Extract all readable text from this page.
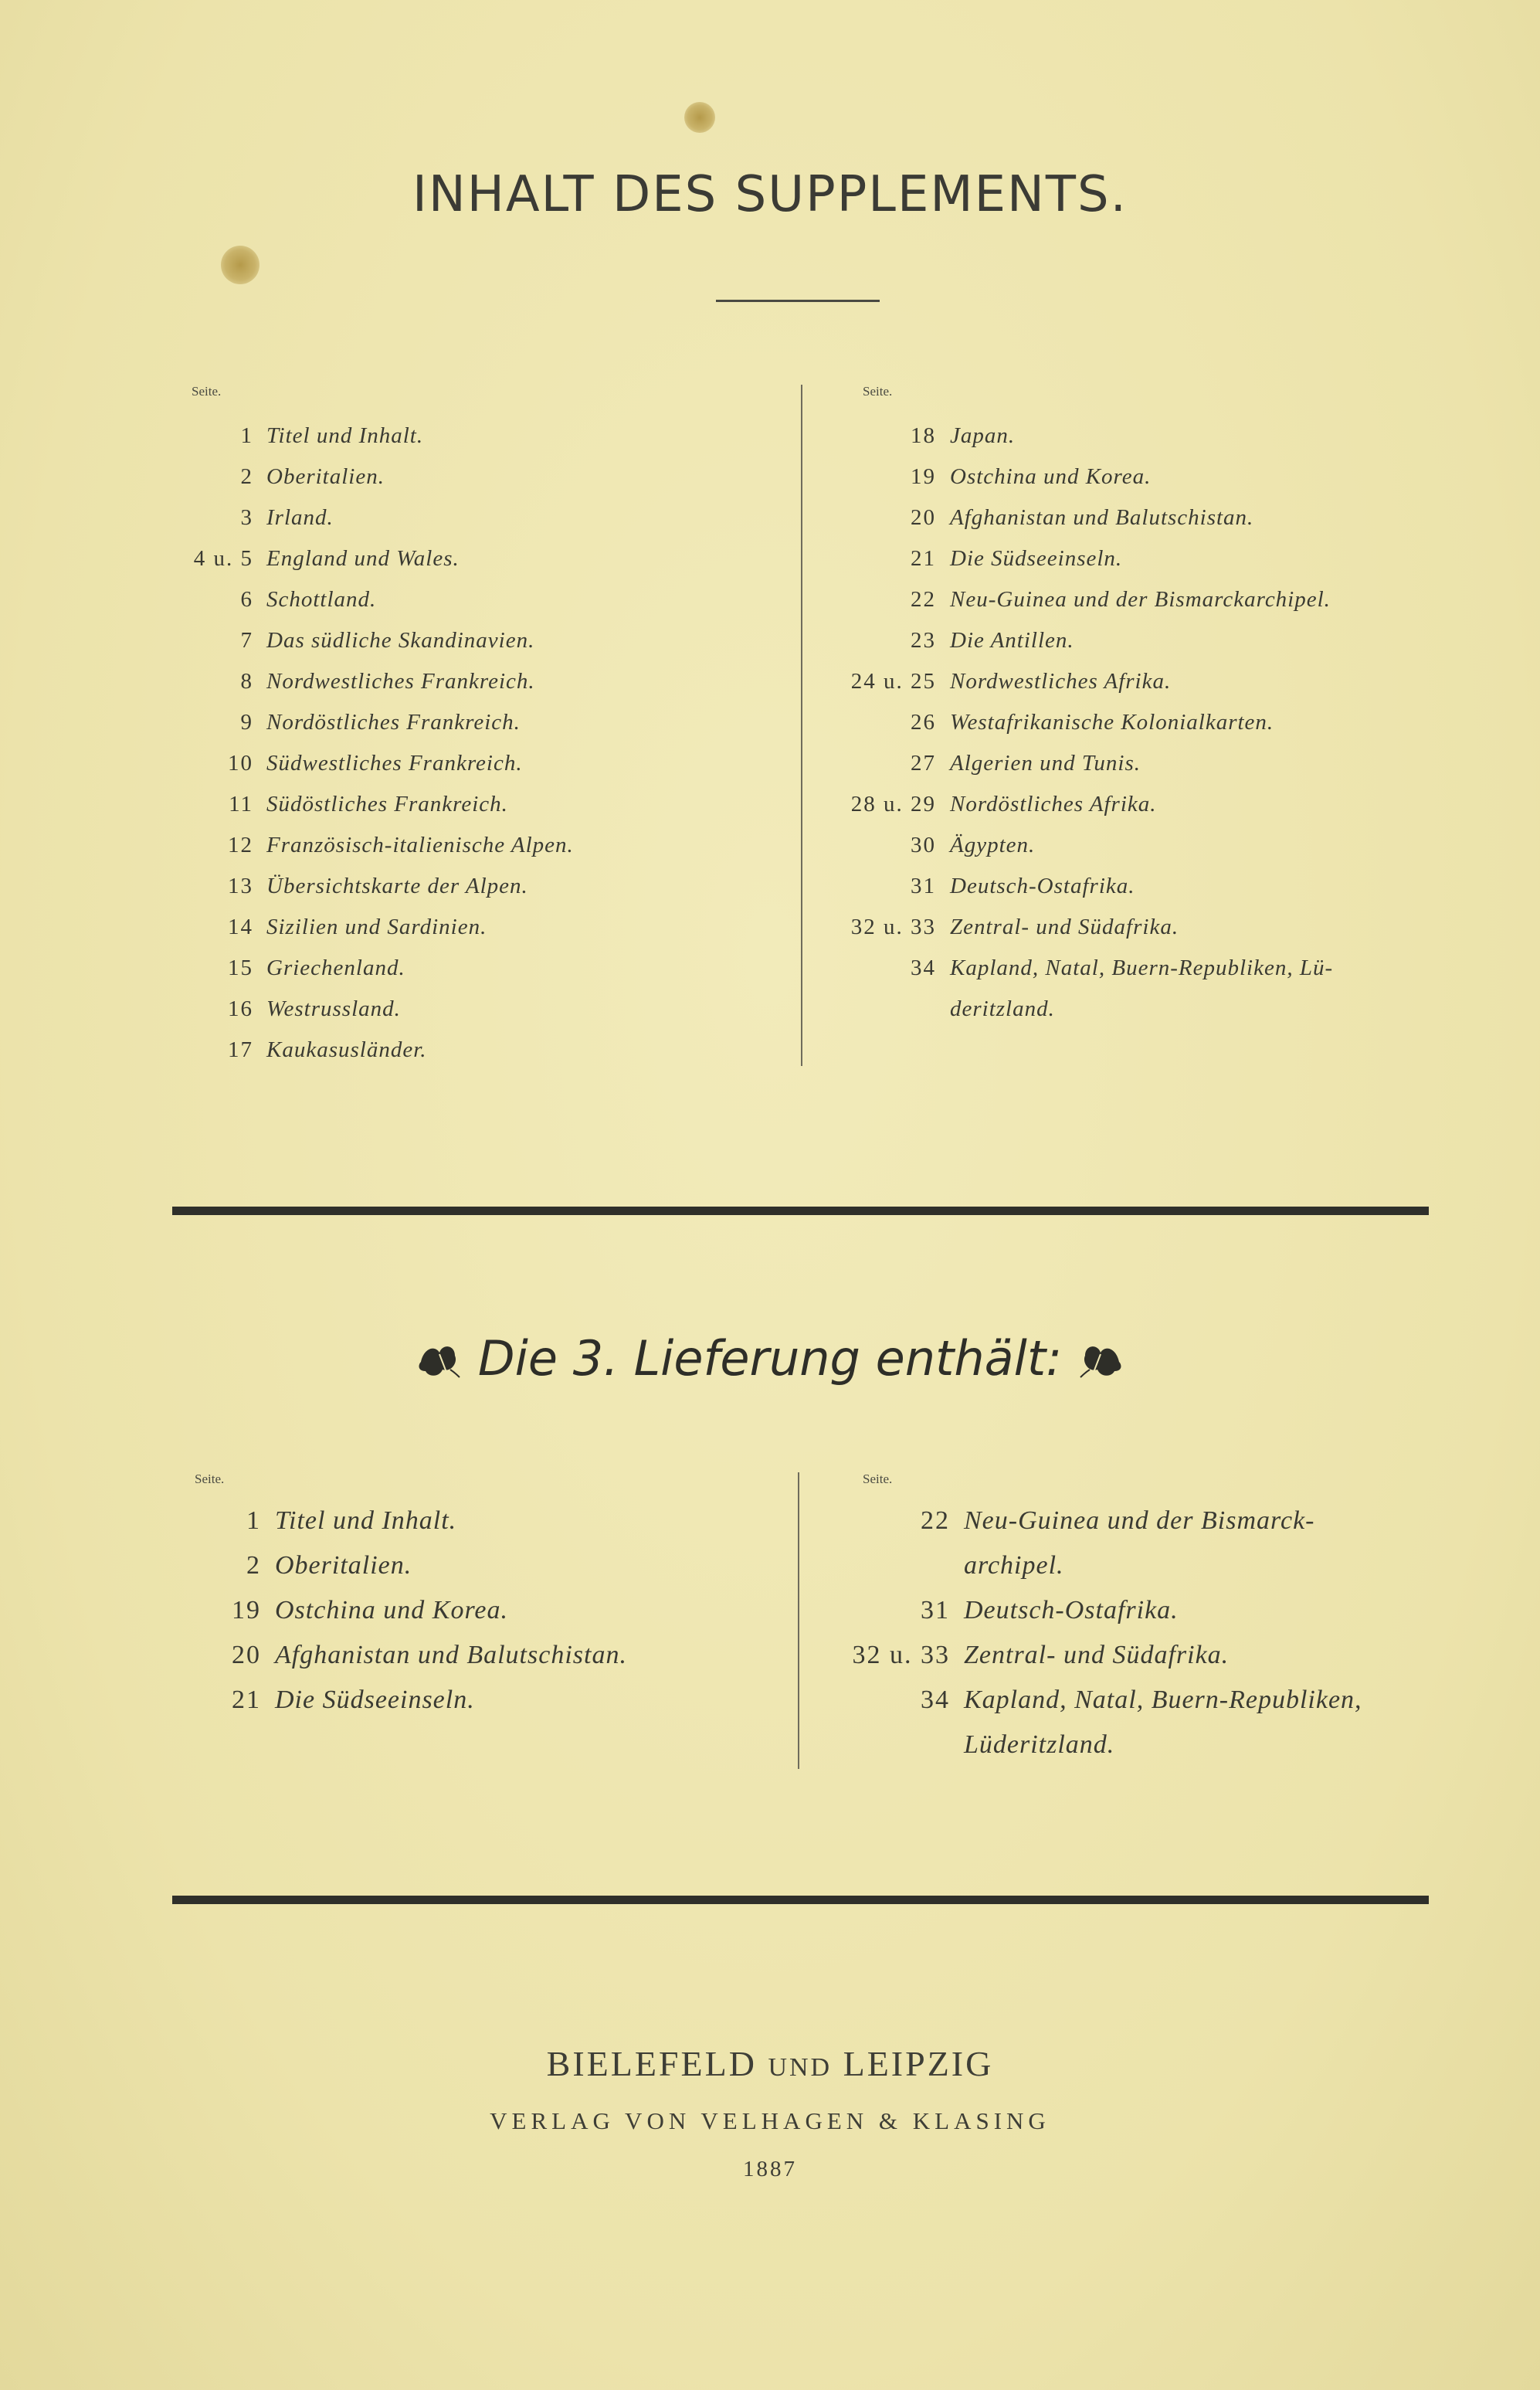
INHALT DES SUPPLEMENTS.
Seite.
1 Titel und Inhalt.
2 Oberitalien.
3 Irland.
4 u. 5 England und Wales.
6 Schottland.
7 Das südliche Skandinavien.
8 Nordwestliches Frankreich.
9 Nordöstliches Frankreich.
10 Südwestliches Frankreich.
11 Südöstliches Frankreich.
12 Französisch-italienische Alpen.
13 Übersichtskarte der Alpen.
14 Sizilien und Sardinien.
15 Griechenland.
16 Westrussland.
17 Kaukasusländer.
Seite.
18 Japan.
19 Ostchina und Korea.
20 Afghanistan und Balutschistan.
21 Die Südseeinseln.
22 Neu-Guinea und der Bismarckarchipel.
23 Die Antillen.
24 u. 25 Nordwestliches Afrika.
26 Westafrikanische Kolonialkarten.
27 Algerien und Tunis.
28 u. 29 Nordöstliches Afrika.
30 Ägypten.
31 Deutsch-Ostafrika.
32 u. 33 Zentral- und Südafrika.
34 Kapland, Natal, Buern-Republiken, Lü-
deritzland.
Die 3. Lieferung enthält:
Seite.
1 Titel und Inhalt.
2 Oberitalien.
19 Ostchina und Korea.
20 Afghanistan und Balutschistan.
21 Die Südseeinseln.
Seite.
22 Neu-Guinea und der Bismarck-
archipel.
31 Deutsch-Ostafrika.
32 u. 33 Zentral- und Südafrika.
34 Kapland, Natal, Buern-Republiken,
Lüderitzland.
BIELEFELD UND LEIPZIG
VERLAG VON VELHAGEN & KLASING
1887
